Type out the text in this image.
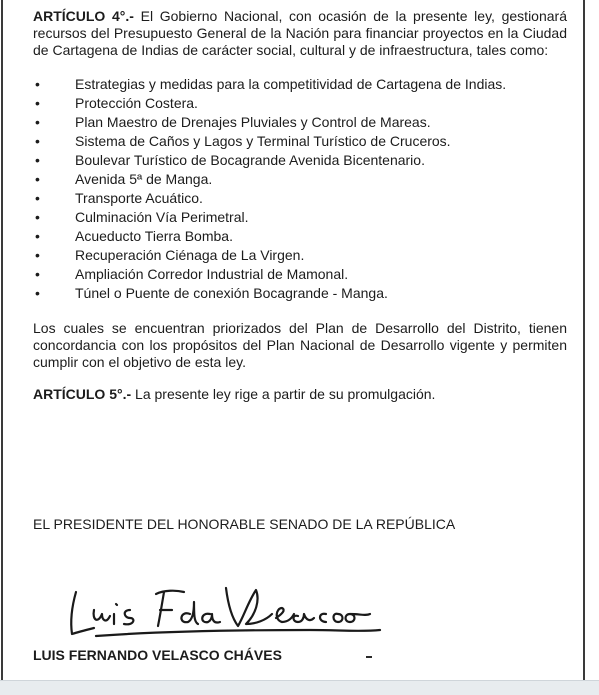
ARTÍCULO 4°.- El Gobierno Nacional, con ocasión de la presente ley, gestionará recursos del Presupuesto General de la Nación para financiar proyectos en la Ciudad de Cartagena de Indias de carácter social, cultural y de infraestructura, tales como:

•	Estrategias y medidas para la competitividad de Cartagena de Indias.
•	Protección Costera.
•	Plan Maestro de Drenajes Pluviales y Control de Mareas.
•	Sistema de Caños y Lagos y Terminal Turístico de Cruceros.
•	Boulevar Turístico de Bocagrande Avenida Bicentenario.
•	Avenida 5ª de Manga.
•	Transporte Acuático.
•	Culminación Vía Perimetral.
•	Acueducto Tierra Bomba.
•	Recuperación Ciénaga de La Virgen.
•	Ampliación Corredor Industrial de Mamonal.
•	Túnel o Puente de conexión Bocagrande - Manga.

Los cuales se encuentran priorizados del Plan de Desarrollo del Distrito, tienen concordancia con los propósitos del Plan Nacional de Desarrollo vigente y permiten cumplir con el objetivo de esta ley.

ARTÍCULO 5°.- La presente ley rige a partir de su promulgación.

EL PRESIDENTE DEL HONORABLE SENADO DE LA REPÚBLICA
LUIS FERNANDO VELASCO CHÁVES
